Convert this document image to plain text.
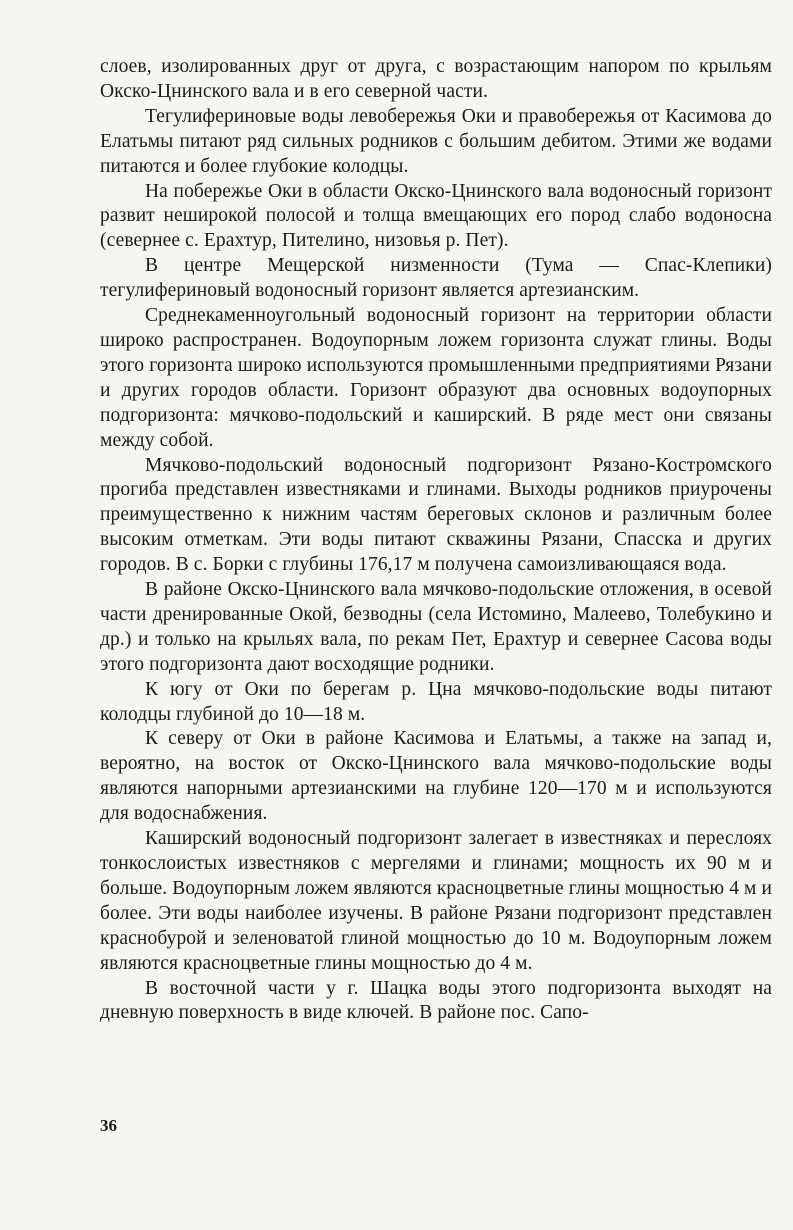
слоев, изолированных друг от друга, с возрастающим напором по крыльям Окско-Цнинского вала и в его северной части.

Тегулифериновые воды левобережья Оки и правобережья от Касимова до Елатьмы питают ряд сильных родников с большим дебитом. Этими же водами питаются и более глубокие колодцы.

На побережье Оки в области Окско-Цнинского вала водоносный горизонт развит неширокой полосой и толща вмещающих его пород слабо водоносна (севернее с. Ерахтур, Пителино, низовья р. Пет).

В центре Мещерской низменности (Тума — Спас-Клепики) тегулифериновый водоносный горизонт является артезианским.

Среднекаменноугольный водоносный горизонт на территории области широко распространен. Водоупорным ложем горизонта служат глины. Воды этого горизонта широко используются промышленными предприятиями Рязани и других городов области. Горизонт образуют два основных водоупорных подгоризонта: мячково-подольский и каширский. В ряде мест они связаны между собой.

Мячково-подольский водоносный подгоризонт Рязано-Костромского прогиба представлен известняками и глинами. Выходы родников приурочены преимущественно к нижним частям береговых склонов и различным более высоким отметкам. Эти воды питают скважины Рязани, Спасска и других городов. В с. Борки с глубины 176,17 м получена самоизливающаяся вода.

В районе Окско-Цнинского вала мячково-подольские отложения, в осевой части дренированные Окой, безводны (села Истомино, Малеево, Толебукино и др.) и только на крыльях вала, по рекам Пет, Ерахтур и севернее Сасова воды этого подгоризонта дают восходящие родники.

К югу от Оки по берегам р. Цна мячково-подольские воды питают колодцы глубиной до 10—18 м.

К северу от Оки в районе Касимова и Елатьмы, а также на запад и, вероятно, на восток от Окско-Цнинского вала мячково-подольские воды являются напорными артезианскими на глубине 120—170 м и используются для водоснабжения.

Каширский водоносный подгоризонт залегает в известняках и переслоях тонкослоистых известняков с мергелями и глинами; мощность их 90 м и больше. Водоупорным ложем являются красноцветные глины мощностью 4 м и более. Эти воды наиболее изучены. В районе Рязани подгоризонт представлен краснобурой и зеленоватой глиной мощностью до 10 м. Водоупорным ложем являются красноцветные глины мощностью до 4 м.

В восточной части у г. Шацка воды этого подгоризонта выходят на дневную поверхность в виде ключей. В районе пос. Сапо-

36
